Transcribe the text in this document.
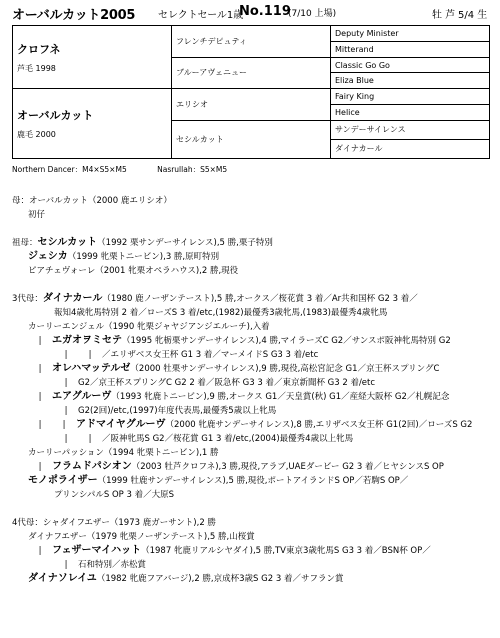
オーバルカット2005 セレクトセール1歳
No.119
(7/10 上場)	牡 芦 5/4 生
クロフネ
芦毛 1998	フレンチデピュティ	Deputy Minister
		Mitterand
	ブルーアヴェニュー	Classic Go Go
		Eliza Blue

オーバルカット
鹿毛 2000	エリシオ	Fairy King
		Helice
	セシルカット	サンデーサイレンス
		ダイナカール
Northern Dancer：M4×S5×M5	Nasrullah：S5×M5
母：オーバルカット（2000 鹿エリシオ）
初仔
祖母：セシルカット（1992 栗サンデーサイレンス),5 勝,栗子特別
ジェシカ（1999 牝栗トニービン),3 勝,原町特別
ピアチェヴォーレ（2001 牝栗オペラハウス),2 勝,現役
3代母：ダイナカール（1980 鹿ノーザンテースト),5 勝,オークス／桜花賞 3 着／Ar共和国杯 G2 3 着／
報知4歳牝馬特別 2 着／ローズS 3 着/etc,(1982)最優秀3歳牝馬,(1983)最優秀4歳牝馬
カーリーエンジェル（1990 牝栗ジャヤジアンジエルーチ),入着
| エガオヲミセテ（1995 牝栃栗サンデーサイレンス),4 勝,マイラーズC G2／サンスポ阪神牝馬特別 G2
| | ／エリザベス女王杯 G1 3 着／マーメイドS G3 3 着/etc
| オレハマッテルゼ（2000 牡栗サンデーサイレンス),9 勝,現役,高松宮記念 G1／京王杯スプリングC
| G2／京王杯スプリングC G2 2 着／阪急杯 G3 3 着／東京新聞杯 G3 2 着/etc
| エアグルーヴ（1993 牝鹿トニービン),9 勝,オークス G1／天皇賞(秋) G1／産経大阪杯 G2／札幌記念
| G2(2回)/etc,(1997)年度代表馬,最優秀5歳以上牝馬
| | アドマイヤグルーヴ（2000 牝鹿サンデーサイレンス),8 勝,エリザベス女王杯 G1(2回)／ローズS G2
| | ／阪神牝馬S G2／桜花賞 G1 3 着/etc,(2004)最優秀4歳以上牝馬
カーリーパッション（1994 牝栗トニービン),1 勝
| フラムドパシオン（2003 牡芦クロフネ),3 勝,現役,アラブ,UAEダービー G2 3 着／ヒヤシンスS OP
モノポライザー（1999 牡鹿サンデーサイレンス),5 勝,現役,ポートアイランドS OP／若駒S OP／
プリンシパルS OP 3 着／大原S
4代母：シャダイフエザー（1973 鹿ガーサント),2 勝
ダイナフエザー（1979 牝栗ノーザンテースト),5 勝,山桜賞
| フェザーマイハット（1987 牝鹿リアルシヤダイ),5 勝,TV東京3歳牝馬S G3 3 着／BSN杯 OP／
| 石和特別／赤松賞
ダイナソレイユ（1982 牝鹿フアバージ),2 勝,京成杯3歳S G2 3 着／サフラン賞
